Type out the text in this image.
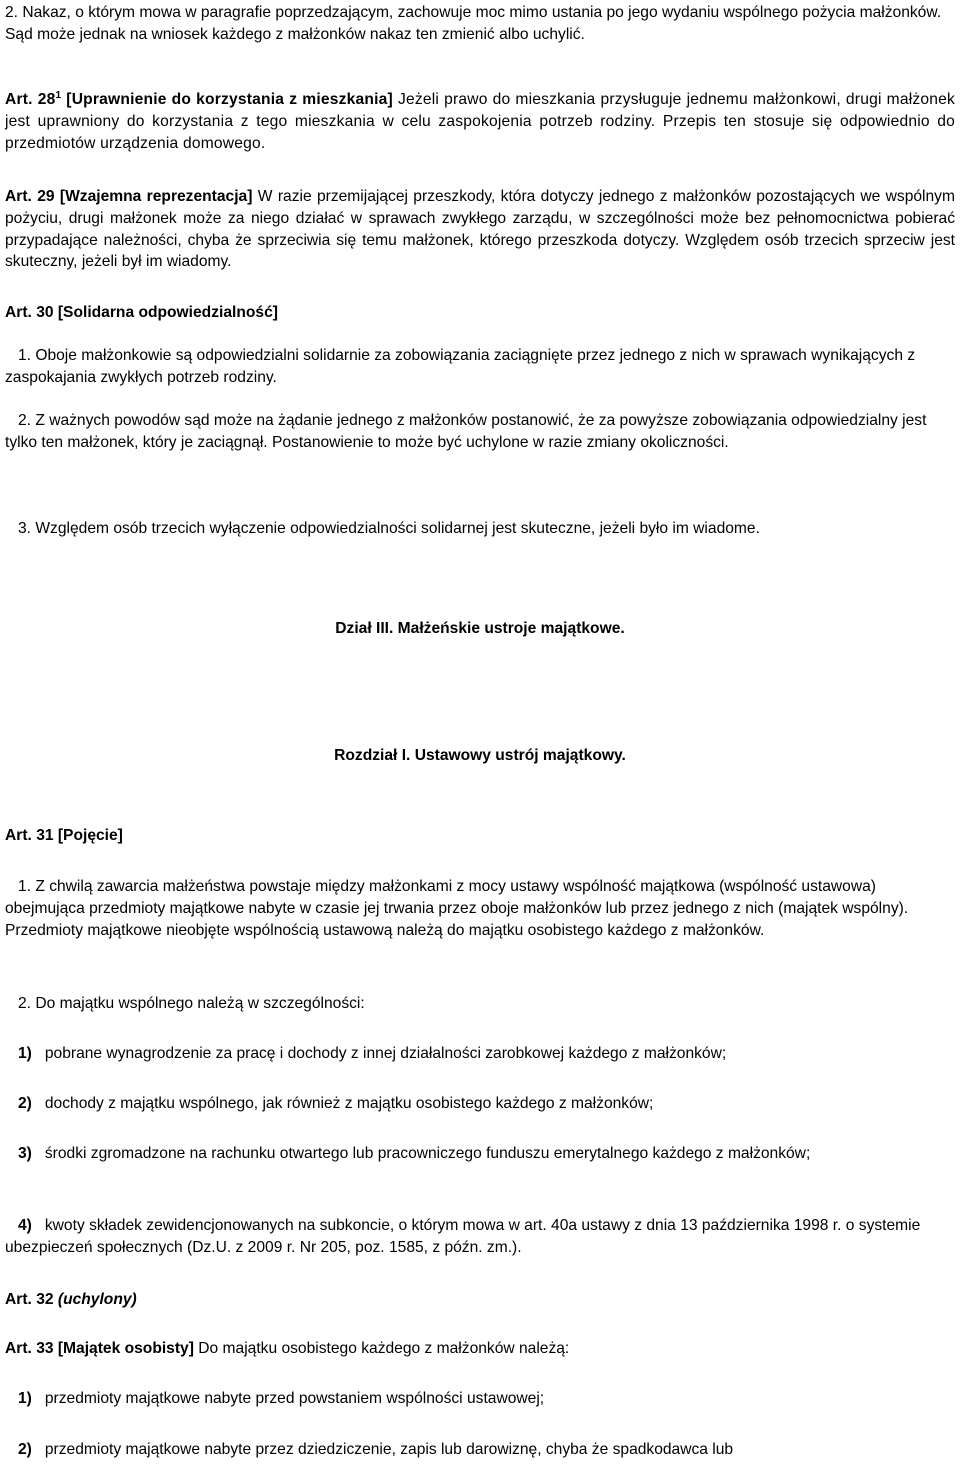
2. Nakaz, o którym mowa w paragrafie poprzedzającym, zachowuje moc mimo ustania po jego wydaniu wspólnego pożycia małżonków. Sąd może jednak na wniosek każdego z małżonków nakaz ten zmienić albo uchylić.

Art. $28^1$ [Uprawnienie do korzystania z mieszkania] Jeżeli prawo do mieszkania przysługuje jednemu małżonkowi, drugi małżonek jest uprawniony do korzystania z tego mieszkania w celu zaspokojenia potrzeb rodziny. Przepis ten stosuje się odpowiednio do przedmiotów urządzenia domowego.

Art. 29 [Wzajemna reprezentacja] W razie przemijającej przeszkody, która dotyczy jednego z małżonków pozostających we wspólnym pożyciu, drugi małżonek może za niego działać w sprawach zwykłego zarządu, w szczególności może bez pełnomocnictwa pobierać przypadające należności, chyba że sprzeciwia się temu małżonek, którego przeszkoda dotyczy. Względem osób trzecich sprzeciw jest skuteczny, jeżeli był im wiadomy.

Art. 30 [Solidarna odpowiedzialność]

1. Oboje małżonkowie są odpowiedzialni solidarnie za zobowiązania zaciągnięte przez jednego z nich w sprawach wynikających z zaspokajania zwykłych potrzeb rodziny.

2. Z ważnych powodów sąd może na żądanie jednego z małżonków postanowić, że za powyższe zobowiązania odpowiedzialny jest tylko ten małżonek, który je zaciągnął. Postanowienie to może być uchylone w razie zmiany okoliczności.

3. Względem osób trzecich wyłączenie odpowiedzialności solidarnej jest skuteczne, jeżeli było im wiadome.

Dział III. Małżeńskie ustroje majątkowe.

Rozdział I. Ustawowy ustrój majątkowy.

Art. 31 [Pojęcie]

1. Z chwilą zawarcia małżeństwa powstaje między małżonkami z mocy ustawy wspólność majątkowa (wspólność ustawowa) obejmująca przedmioty majątkowe nabyte w czasie jej trwania przez oboje małżonków lub przez jednego z nich (majątek wspólny). Przedmioty majątkowe nieobjęte wspólnością ustawową należą do majątku osobistego każdego z małżonków.

2. Do majątku wspólnego należą w szczególności:

1) pobrane wynagrodzenie za pracę i dochody z innej działalności zarobkowej każdego z małżonków;

2) dochody z majątku wspólnego, jak również z majątku osobistego każdego z małżonków;

3) środki zgromadzone na rachunku otwartego lub pracowniczego funduszu emerytalnego każdego z małżonków;

4) kwoty składek zewidencjonowanych na subkoncie, o którym mowa w art. 40a ustawy z dnia 13 października 1998 r. o systemie ubezpieczeń społecznych (Dz.U. z 2009 r. Nr 205, poz. 1585, z późn. zm.).

Art. 32 (uchylony)

Art. 33 [Majątek osobisty] Do majątku osobistego każdego z małżonków należą:

1) przedmioty majątkowe nabyte przed powstaniem wspólności ustawowej;

2) przedmioty majątkowe nabyte przez dziedziczenie, zapis lub darowiznę, chyba że spadkodawca lub
